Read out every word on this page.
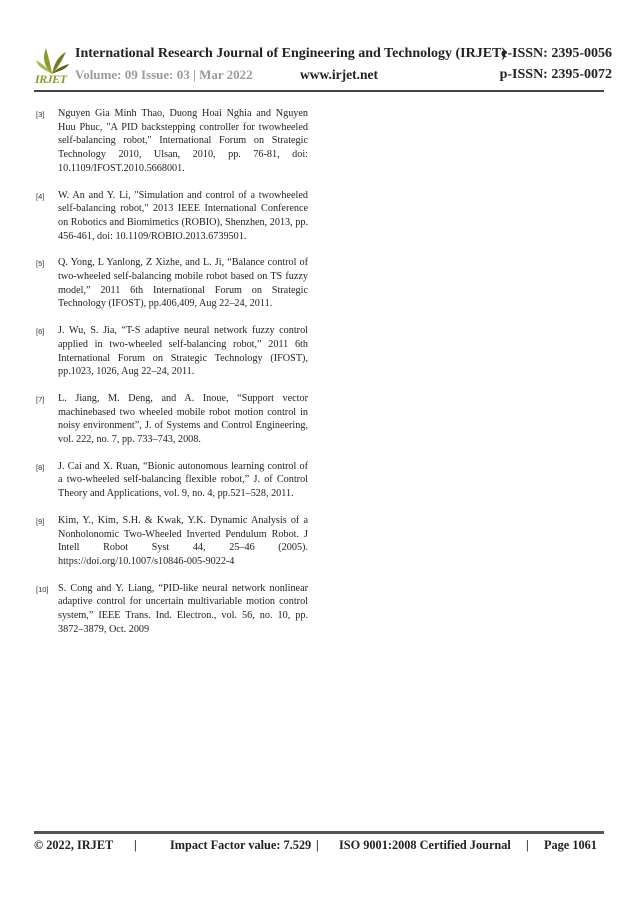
IRJET
International Research Journal of Engineering and Technology (IRJET)
e-ISSN: 2395-0056
Volume: 09 Issue: 03 | Mar 2022	www.irjet.net	p-ISSN: 2395-0072
[3]	Nguyen Gia Minh Thao, Duong Hoai Nghia and Nguyen Huu Phuc, "A PID backstepping controller for twowheeled self-balancing robot," International Forum on Strategic Technology 2010, Ulsan, 2010, pp. 76-81, doi: 10.1109/IFOST.2010.5668001.
[4]	W. An and Y. Li, "Simulation and control of a twowheeled self-balancing robot," 2013 IEEE International Conference on Robotics and Biomimetics (ROBIO), Shenzhen, 2013, pp. 456-461, doi: 10.1109/ROBIO.2013.6739501.
[5]	Q. Yong, L Yanlong, Z Xizhe, and L. Ji, “Balance control of two-wheeled self-balancing mobile robot based on TS fuzzy model,” 2011 6th International Forum on Strategic Technology (IFOST), pp.406,409, Aug 22–24, 2011.
[6]	J. Wu, S. Jia, “T-S adaptive neural network fuzzy control applied in two-wheeled self-balancing robot,” 2011 6th International Forum on Strategic Technology (IFOST), pp.1023, 1026, Aug 22–24, 2011.
[7]	L. Jiang, M. Deng, and A. Inoue, “Support vector machinebased two wheeled mobile robot motion control in noisy environment”, J. of Systems and Control Engineering, vol. 222, no. 7, pp. 733–743, 2008.
[8]	J. Cai and X. Ruan, “Bionic autonomous learning control of a two-wheeled self-balancing flexible robot,” J. of Control Theory and Applications, vol. 9, no. 4, pp.521–528, 2011.
[9]	Kim, Y., Kim, S.H. & Kwak, Y.K. Dynamic Analysis of a Nonholonomic Two-Wheeled Inverted Pendulum Robot. J Intell Robot Syst 44, 25–46 (2005). https://doi.org/10.1007/s10846-005-9022-4
[10] S. Cong and Y. Liang, “PID-like neural network nonlinear adaptive control for uncertain multivariable motion control system,” IEEE Trans. Ind. Electron., vol. 56, no. 10, pp. 3872–3879, Oct. 2009
© 2022, IRJET |	Impact Factor value: 7.529 | ISO 9001:2008 Certified Journal | Page 1061
